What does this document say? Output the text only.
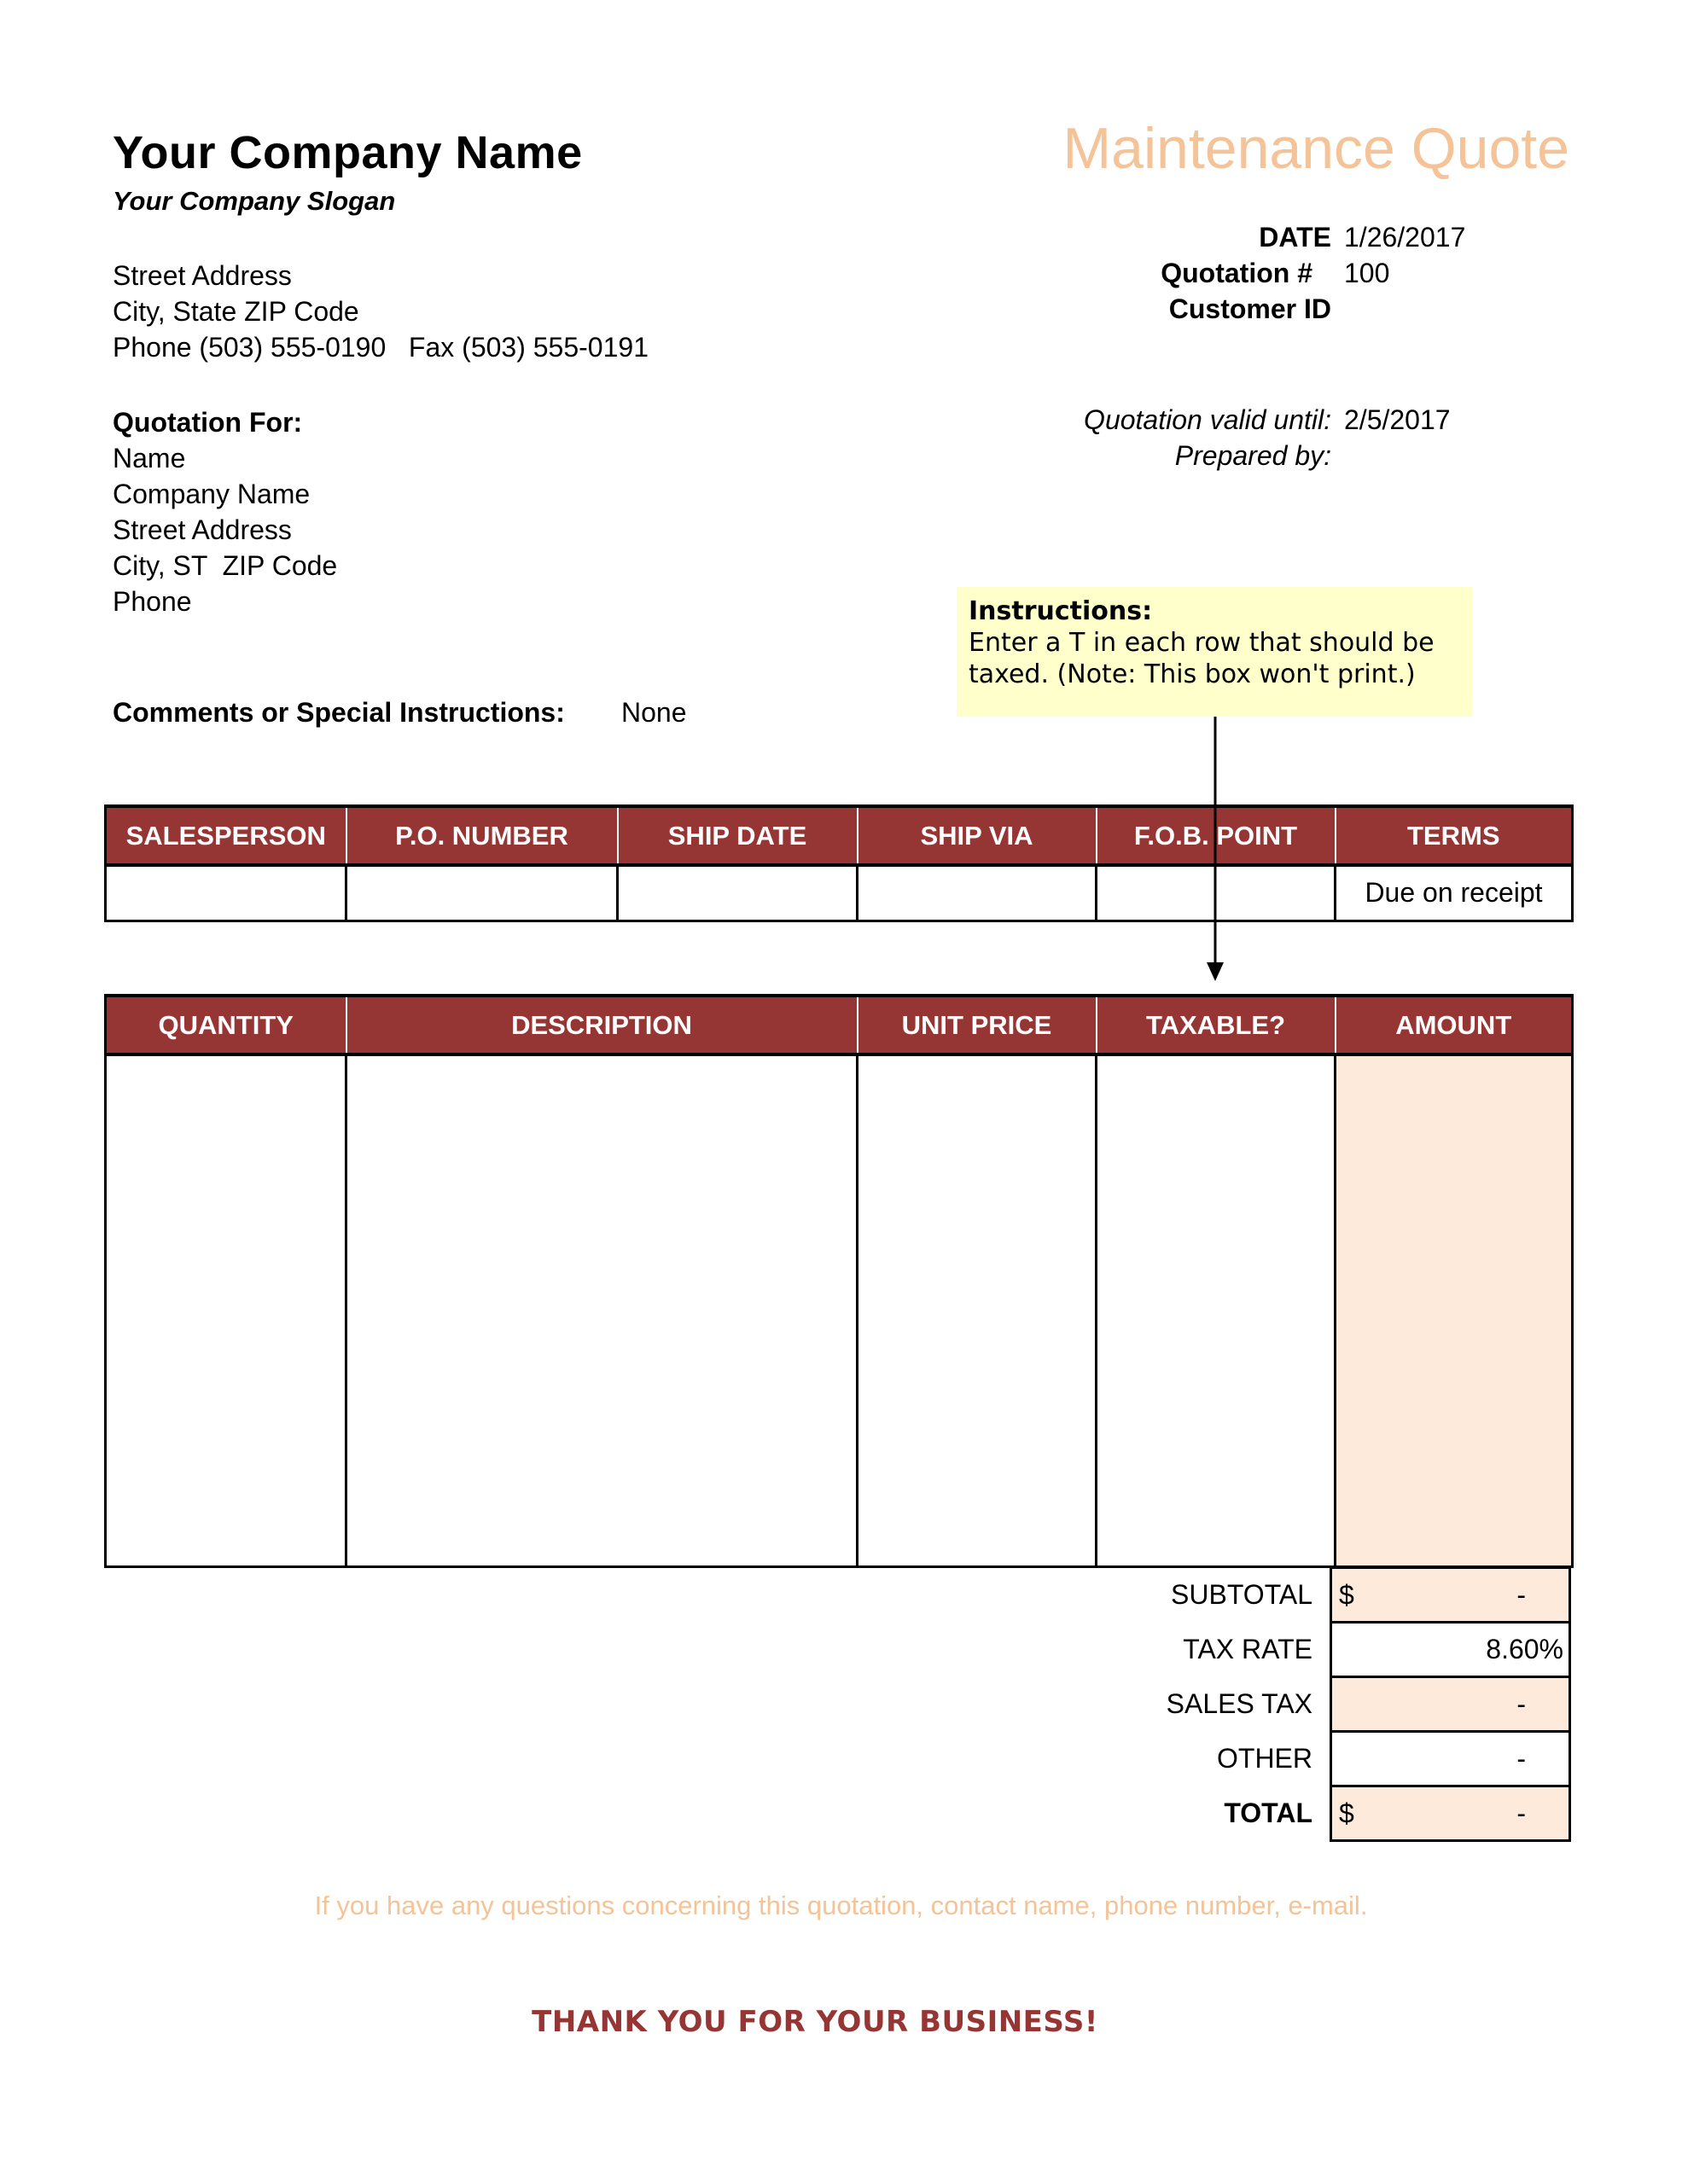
Your Company Name
Your Company Slogan
Maintenance Quote
Street Address
City, State ZIP Code
Phone (503) 555-0190   Fax (503) 555-0191
DATE 1/26/2017
Quotation # 100
Customer ID
Quotation valid until: 2/5/2017
Prepared by:
Quotation For:
Name
Company Name
Street Address
City, ST  ZIP Code
Phone
Comments or Special Instructions: None
Instructions:
Enter a T in each row that should be taxed. (Note: This box won't print.)
SALESPERSON	P.O. NUMBER	SHIP DATE	SHIP VIA	F.O.B. POINT	TERMS
					Due on receipt
QUANTITY	DESCRIPTION	UNIT PRICE	TAXABLE?	AMOUNT

SUBTOTAL	$ -

TAX RATE	8.60%
SALES TAX	-

OTHER	-

TOTAL	$ -
If you have any questions concerning this quotation, contact name, phone number, e-mail.
THANK YOU FOR YOUR BUSINESS!
